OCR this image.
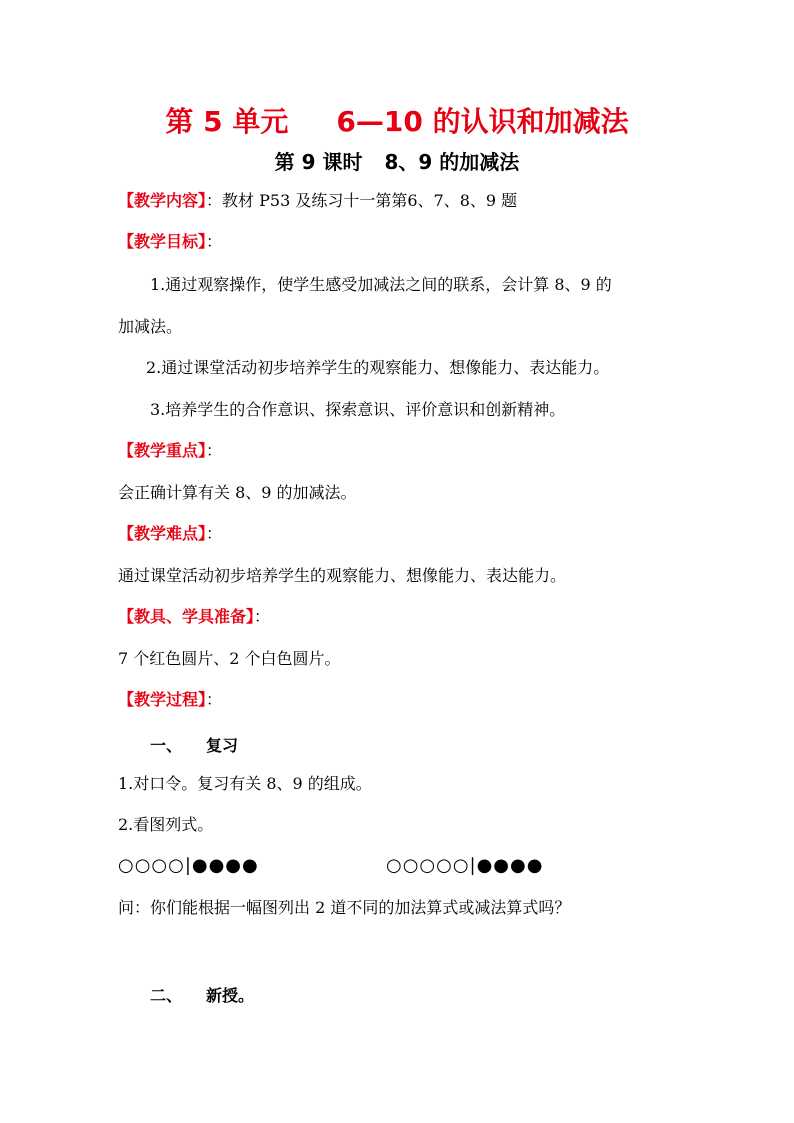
第 5 单元 6—10 的认识和加减法
第 9 课时 8、9 的加减法
【教学内容】：教材 P53 及练习十一第第6、7、8、9 题
【教学目标】：
1.通过观察操作，使学生感受加减法之间的联系，会计算 8、9 的
加减法。
2.通过课堂活动初步培养学生的观察能力、想像能力、表达能力。
3.培养学生的合作意识、探索意识、评价意识和创新精神。
【教学重点】：
会正确计算有关 8、9 的加减法。
【教学难点】：
通过课堂活动初步培养学生的观察能力、想像能力、表达能力。
【教具、学具准备】：
7 个红色圆片、2 个白色圆片。
【教学过程】：
一、 复习
1.对口令。复习有关 8、9 的组成。
2.看图列式。
○○○○|●●●●	○○○○○|●●●●
问：你们能根据一幅图列出 2 道不同的加法算式或减法算式吗？
二、 新授。
